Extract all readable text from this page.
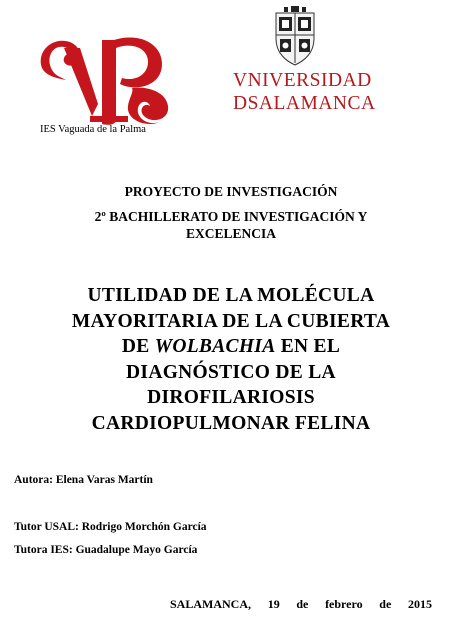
IES Vaguada de la Palma
VNIVERSIDAD
DSALAMANCA
PROYECTO DE INVESTIGACIÓN
2º BACHILLERATO DE INVESTIGACIÓN Y
EXCELENCIA
UTILIDAD DE LA MOLÉCULA
MAYORITARIA DE LA CUBIERTA
DE WOLBACHIA EN EL
DIAGNÓSTICO DE LA
DIROFILARIOSIS
CARDIOPULMONAR FELINA
Autora: Elena Varas Martín
Tutor USAL: Rodrigo Morchón García
Tutora IES: Guadalupe Mayo García
SALAMANCA, 19 de febrero de 2015
